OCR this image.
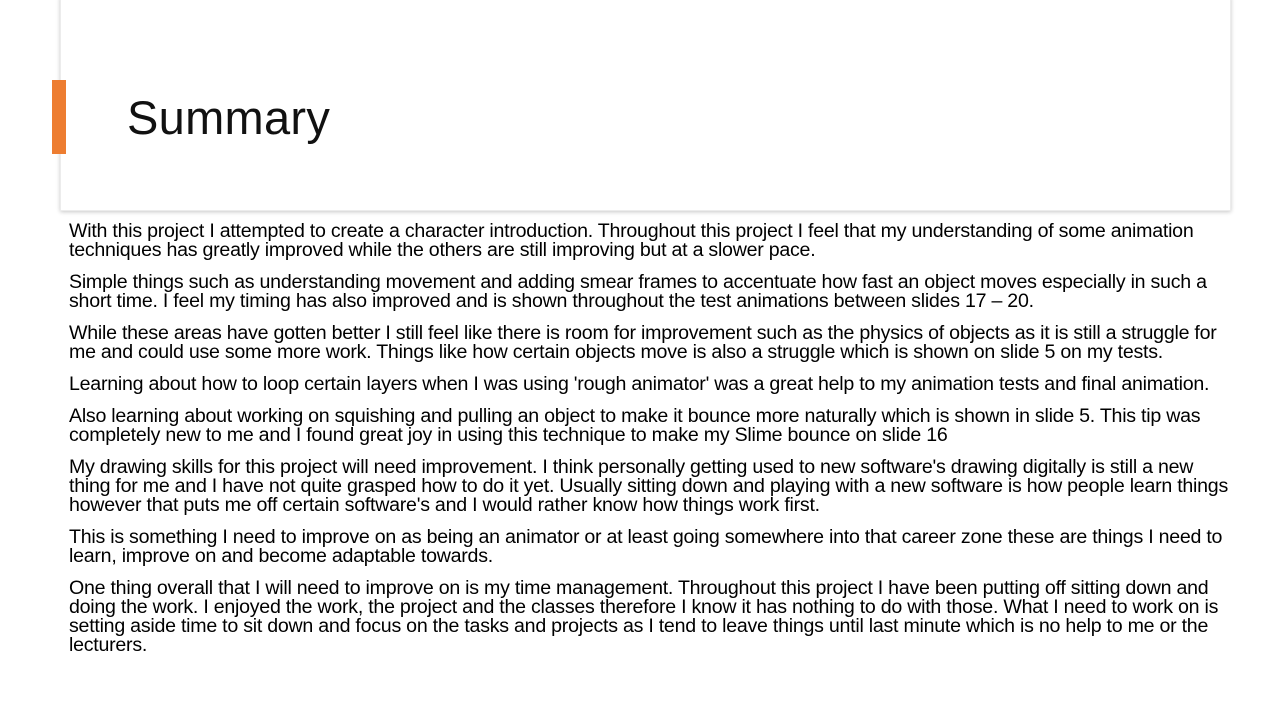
Summary

With this project I attempted to create a character introduction. Throughout this project I feel that my understanding of some animation techniques has greatly improved while the others are still improving but at a slower pace.

Simple things such as understanding movement and adding smear frames to accentuate how fast an object moves especially in such a short time. I feel my timing has also improved and is shown throughout the test animations between slides 17 – 20.

While these areas have gotten better I still feel like there is room for improvement such as the physics of objects as it is still a struggle for me and could use some more work. Things like how certain objects move is also a struggle which is shown on slide 5 on my tests.

Learning about how to loop certain layers when I was using 'rough animator' was a great help to my animation tests and final animation.

Also learning about working on squishing and pulling an object to make it bounce more naturally which is shown in slide 5. This tip was completely new to me and I found great joy in using this technique to make my Slime bounce on slide 16

My drawing skills for this project will need improvement. I think personally getting used to new software's drawing digitally is still a new thing for me and I have not quite grasped how to do it yet. Usually sitting down and playing with a new software is how people learn things however that puts me off certain software's and I would rather know how things work first.

This is something I need to improve on as being an animator or at least going somewhere into that career zone these are things I need to learn, improve on and become adaptable towards.

One thing overall that I will need to improve on is my time management. Throughout this project I have been putting off sitting down and doing the work. I enjoyed the work, the project and the classes therefore I know it has nothing to do with those. What I need to work on is setting aside time to sit down and focus on the tasks and projects as I tend to leave things until last minute which is no help to me or the lecturers.
